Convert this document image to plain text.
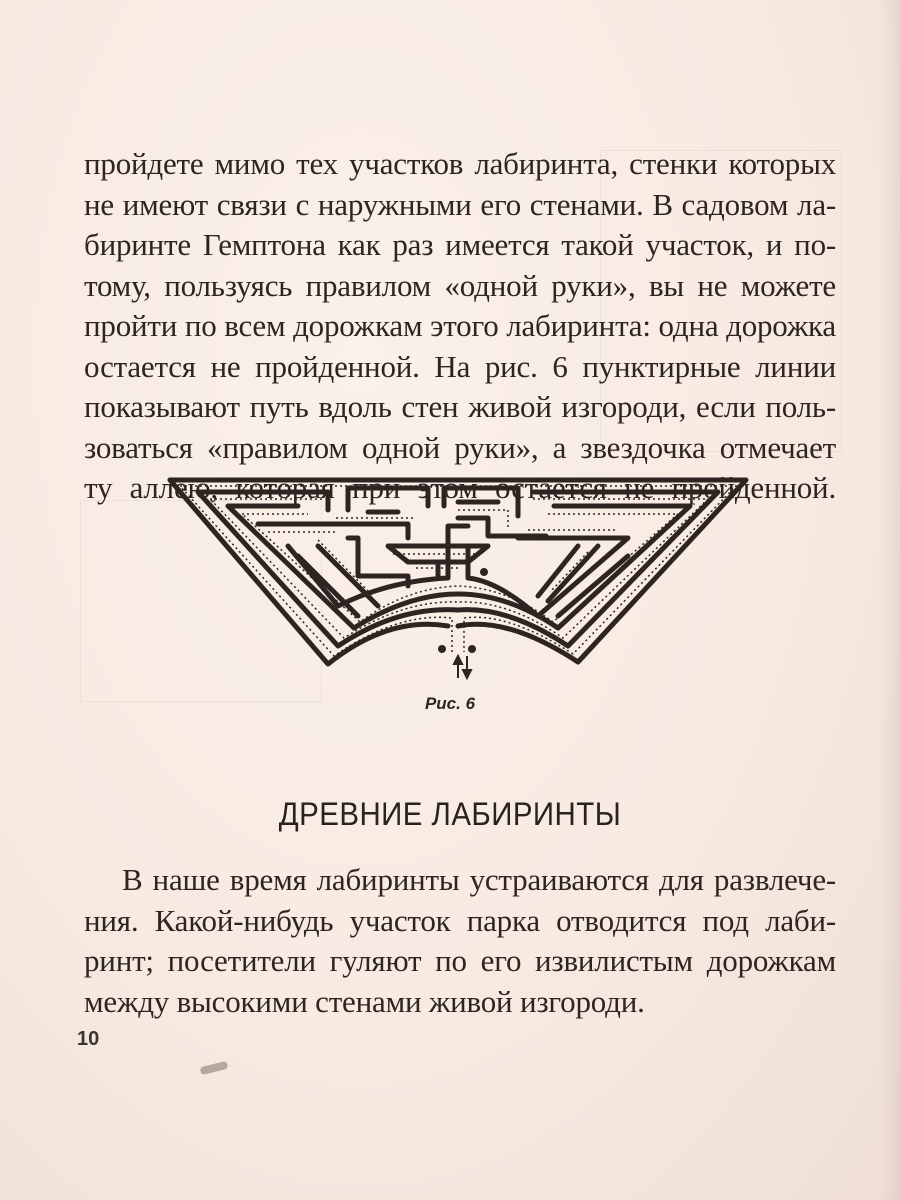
пройдете мимо тех участков лабиринта, стенки которых
не имеют связи с наружными его стенами. В садовом ла-
биринте Гемптона как раз имеется такой участок, и по-
тому, пользуясь правилом «одной руки», вы не можете
пройти по всем дорожкам этого лабиринта: одна дорожка
остается не пройденной. На рис. 6 пунктирные линии
показывают путь вдоль стен живой изгороди, если поль-
зоваться «правилом одной руки», а звездочка отмечает
ту аллею, которая при этом остается не пройденной.
Рис. 6
ДРЕВНИЕ ЛАБИРИНТЫ
В наше время лабиринты устраиваются для развлече-
ния. Какой-нибудь участок парка отводится под лаби-
ринт; посетители гуляют по его извилистым дорожкам
между высокими стенами живой изгороди.
10
